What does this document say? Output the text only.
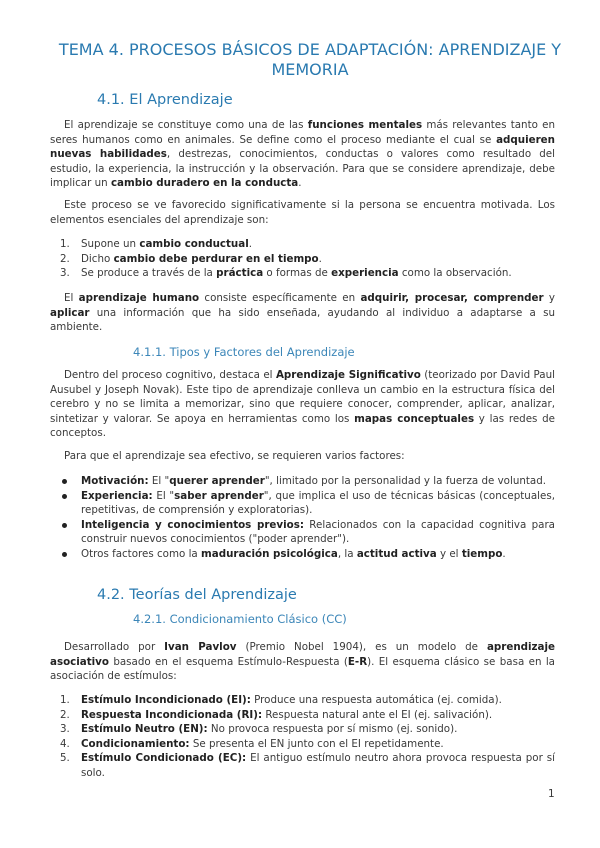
TEMA 4. PROCESOS BÁSICOS DE ADAPTACIÓN: APRENDIZAJE Y MEMORIA
4.1. El Aprendizaje

El aprendizaje se constituye como una de las funciones mentales más relevantes tanto en seres humanos como en animales. Se define como el proceso mediante el cual se adquieren nuevas habilidades, destrezas, conocimientos, conductas o valores como resultado del estudio, la experiencia, la instrucción y la observación. Para que se considere aprendizaje, debe implicar un cambio duradero en la conducta.

Este proceso se ve favorecido significativamente si la persona se encuentra motivada. Los elementos esenciales del aprendizaje son:

1. Supone un cambio conductual.
2. Dicho cambio debe perdurar en el tiempo.
3. Se produce a través de la práctica o formas de experiencia como la observación.

El aprendizaje humano consiste específicamente en adquirir, procesar, comprender y aplicar una información que ha sido enseñada, ayudando al individuo a adaptarse a su ambiente.

4.1.1. Tipos y Factores del Aprendizaje

Dentro del proceso cognitivo, destaca el Aprendizaje Significativo (teorizado por David Paul Ausubel y Joseph Novak). Este tipo de aprendizaje conlleva un cambio en la estructura física del cerebro y no se limita a memorizar, sino que requiere conocer, comprender, aplicar, analizar, sintetizar y valorar. Se apoya en herramientas como los mapas conceptuales y las redes de conceptos.

Para que el aprendizaje sea efectivo, se requieren varios factores:

Motivación: El "querer aprender", limitado por la personalidad y la fuerza de voluntad.
Experiencia: El "saber aprender", que implica el uso de técnicas básicas (conceptuales, repetitivas, de comprensión y exploratorias).
Inteligencia y conocimientos previos: Relacionados con la capacidad cognitiva para construir nuevos conocimientos ("poder aprender").
Otros factores como la maduración psicológica, la actitud activa y el tiempo.
4.2. Teorías del Aprendizaje
4.2.1. Condicionamiento Clásico (CC)

Desarrollado por Ivan Pavlov (Premio Nobel 1904), es un modelo de aprendizaje asociativo basado en el esquema Estímulo-Respuesta (E-R). El esquema clásico se basa en la asociación de estímulos:

1. Estímulo Incondicionado (EI): Produce una respuesta automática (ej. comida).
2. Respuesta Incondicionada (RI): Respuesta natural ante el EI (ej. salivación).
3. Estímulo Neutro (EN): No provoca respuesta por sí mismo (ej. sonido).
4. Condicionamiento: Se presenta el EN junto con el EI repetidamente.
5. Estímulo Condicionado (EC): El antiguo estímulo neutro ahora provoca respuesta por sí solo.
1
